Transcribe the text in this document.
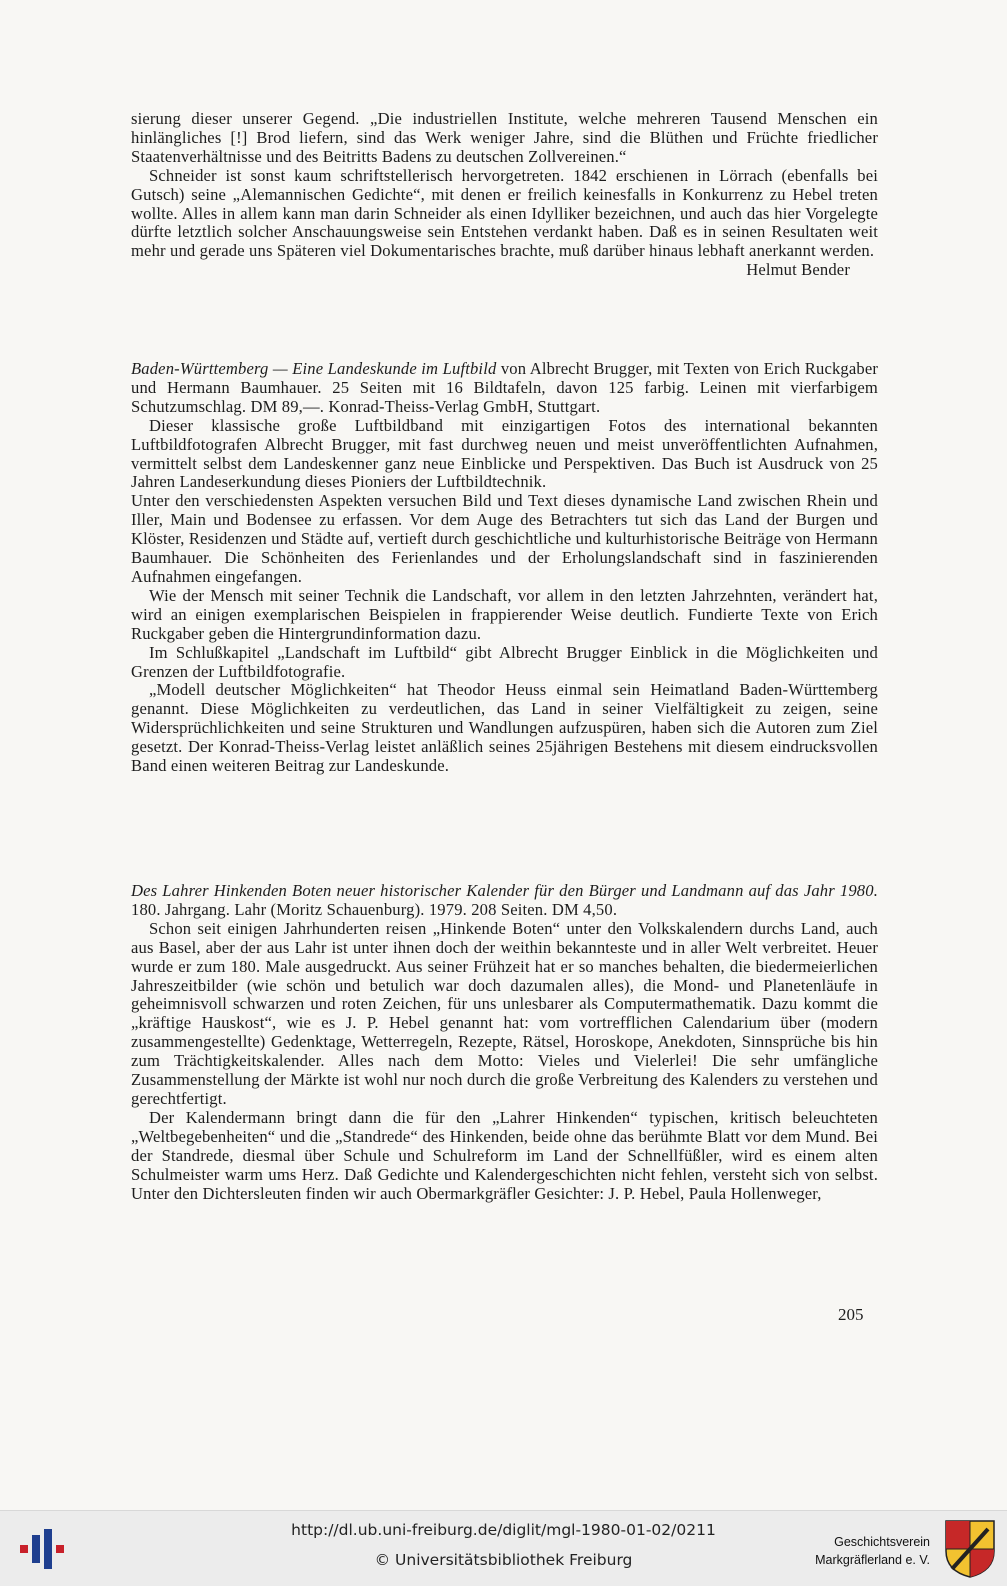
sierung dieser unserer Gegend. „Die industriellen Institute, welche mehreren Tausend Menschen ein hinlängliches [!] Brod liefern, sind das Werk weniger Jahre, sind die Blüthen und Früchte friedlicher Staatenverhältnisse und des Beitritts Badens zu deutschen Zollvereinen.“

Schneider ist sonst kaum schriftstellerisch hervorgetreten. 1842 erschienen in Lörrach (ebenfalls bei Gutsch) seine „Alemannischen Gedichte“, mit denen er freilich keinesfalls in Konkurrenz zu Hebel treten wollte. Alles in allem kann man darin Schneider als einen Idylliker bezeichnen, und auch das hier Vorgelegte dürfte letztlich solcher Anschauungsweise sein Entstehen verdankt haben. Daß es in seinen Resultaten weit mehr und gerade uns Späteren viel Dokumentarisches brachte, muß darüber hinaus lebhaft anerkannt werden.

Helmut Bender

Baden-Württemberg — Eine Landeskunde im Luftbild von Albrecht Brugger, mit Texten von Erich Ruckgaber und Hermann Baumhauer. 25 Seiten mit 16 Bildtafeln, davon 125 farbig. Leinen mit vierfarbigem Schutzumschlag. DM 89,—. Konrad-Theiss-Verlag GmbH, Stuttgart.

Dieser klassische große Luftbildband mit einzigartigen Fotos des international bekannten Luftbildfotografen Albrecht Brugger, mit fast durchweg neuen und meist unveröffentlichten Aufnahmen, vermittelt selbst dem Landeskenner ganz neue Einblicke und Perspektiven. Das Buch ist Ausdruck von 25 Jahren Landeserkundung dieses Pioniers der Luftbildtechnik.

Unter den verschiedensten Aspekten versuchen Bild und Text dieses dynamische Land zwischen Rhein und Iller, Main und Bodensee zu erfassen. Vor dem Auge des Betrachters tut sich das Land der Burgen und Klöster, Residenzen und Städte auf, vertieft durch geschichtliche und kulturhistorische Beiträge von Hermann Baumhauer. Die Schönheiten des Ferienlandes und der Erholungslandschaft sind in faszinierenden Aufnahmen eingefangen.

Wie der Mensch mit seiner Technik die Landschaft, vor allem in den letzten Jahrzehnten, verändert hat, wird an einigen exemplarischen Beispielen in frappierender Weise deutlich. Fundierte Texte von Erich Ruckgaber geben die Hintergrundinformation dazu.

Im Schlußkapitel „Landschaft im Luftbild“ gibt Albrecht Brugger Einblick in die Möglichkeiten und Grenzen der Luftbildfotografie.

„Modell deutscher Möglichkeiten“ hat Theodor Heuss einmal sein Heimatland Baden-Württemberg genannt. Diese Möglichkeiten zu verdeutlichen, das Land in seiner Vielfältigkeit zu zeigen, seine Widersprüchlichkeiten und seine Strukturen und Wandlungen aufzuspüren, haben sich die Autoren zum Ziel gesetzt. Der Konrad-Theiss-Verlag leistet anläßlich seines 25jährigen Bestehens mit diesem eindrucksvollen Band einen weiteren Beitrag zur Landeskunde.

Des Lahrer Hinkenden Boten neuer historischer Kalender für den Bürger und Landmann auf das Jahr 1980. 180. Jahrgang. Lahr (Moritz Schauenburg). 1979. 208 Seiten. DM 4,50.

Schon seit einigen Jahrhunderten reisen „Hinkende Boten“ unter den Volkskalendern durchs Land, auch aus Basel, aber der aus Lahr ist unter ihnen doch der weithin bekannteste und in aller Welt verbreitet. Heuer wurde er zum 180. Male ausgedruckt. Aus seiner Frühzeit hat er so manches behalten, die biedermeierlichen Jahreszeitbilder (wie schön und betulich war doch dazumalen alles), die Mond- und Planetenläufe in geheimnisvoll schwarzen und roten Zeichen, für uns unlesbarer als Computermathematik. Dazu kommt die „kräftige Hauskost“, wie es J. P. Hebel genannt hat: vom vortrefflichen Calendarium über (modern zusammengestellte) Gedenktage, Wetterregeln, Rezepte, Rätsel, Horoskope, Anekdoten, Sinnsprüche bis hin zum Trächtigkeitskalender. Alles nach dem Motto: Vieles und Vielerlei! Die sehr umfängliche Zusammenstellung der Märkte ist wohl nur noch durch die große Verbreitung des Kalenders zu verstehen und gerechtfertigt.

Der Kalendermann bringt dann die für den „Lahrer Hinkenden“ typischen, kritisch beleuchteten „Weltbegebenheiten“ und die „Standrede“ des Hinkenden, beide ohne das berühmte Blatt vor dem Mund. Bei der Standrede, diesmal über Schule und Schulreform im Land der Schnellfüßler, wird es einem alten Schulmeister warm ums Herz. Daß Gedichte und Kalendergeschichten nicht fehlen, versteht sich von selbst. Unter den Dichtersleuten finden wir auch Obermarkgräfler Gesichter: J. P. Hebel, Paula Hollenweger,

205
http://dl.ub.uni-freiburg.de/diglit/mgl-1980-01-02/0211
© Universitätsbibliothek Freiburg
Geschichtsverein
Markgräflerland e. V.
